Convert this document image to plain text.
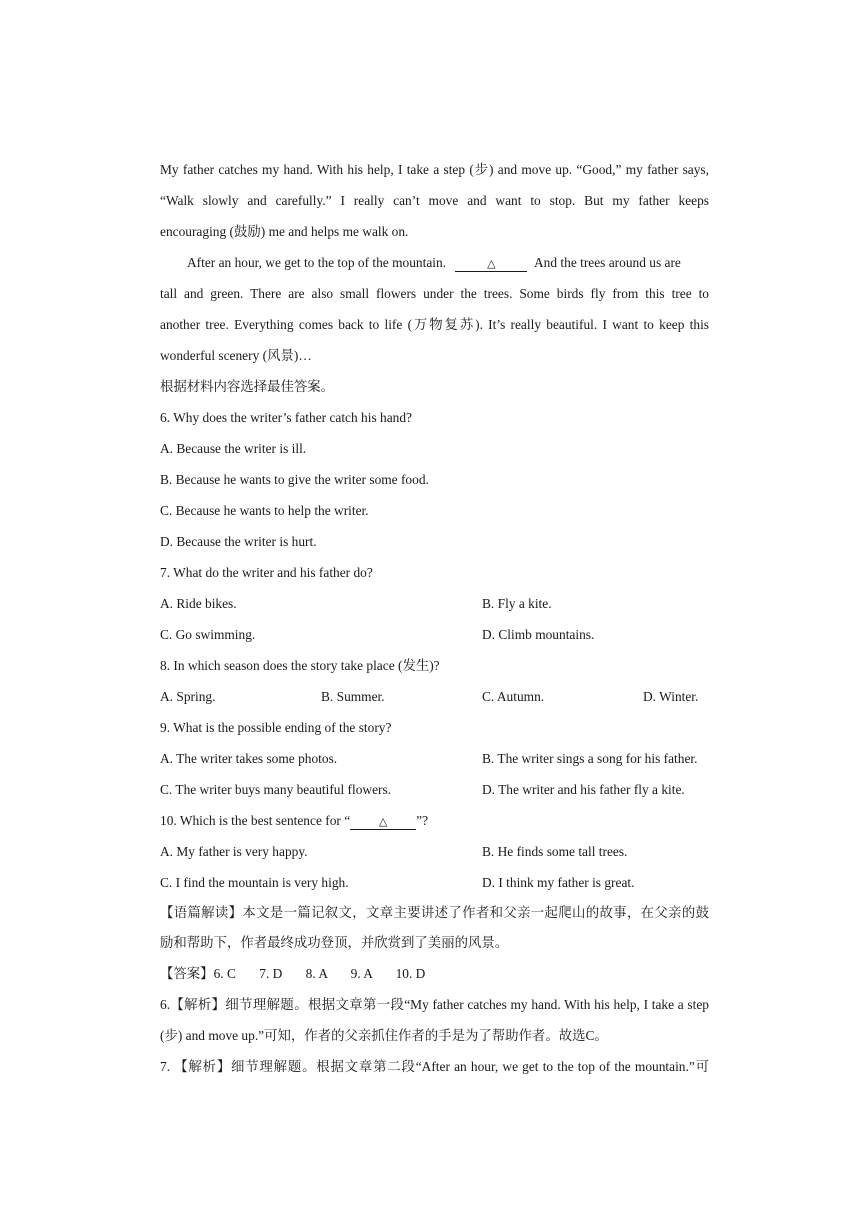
My father catches my hand. With his help, I take a step (步) and move up. “Good,” my father says,
“Walk slowly and carefully.” I really can’t move and want to stop. But my father keeps
encouraging (鼓励) me and helps me walk on.
After an hour, we get to the top of the mountain.	△	And the trees around us are
tall and green. There are also small flowers under the trees. Some birds fly from this tree to
another tree. Everything comes back to life (万物复苏). It’s really beautiful. I want to keep this
wonderful scenery (风景)…
根据材料内容选择最佳答案。
6. Why does the writer’s father catch his hand?
A. Because the writer is ill.
B. Because he wants to give the writer some food.
C. Because he wants to help the writer.
D. Because the writer is hurt.
7. What do the writer and his father do?
A. Ride bikes.	B. Fly a kite.
C. Go swimming.	D. Climb mountains.
8. In which season does the story take place (发生)?
A. Spring.	B. Summer.	C. Autumn.	D. Winter.
9. What is the possible ending of the story?
A. The writer takes some photos.	B. The writer sings a song for his father.
C. The writer buys many beautiful flowers.	D. The writer and his father fly a kite.
10. Which is the best sentence for “	△ ”?
A. My father is very happy.	B. He finds some tall trees.
C. I find the mountain is very high.	D. I think my father is great.
【语篇解读】本文是一篇记叙文，文章主要讲述了作者和父亲一起爬山的故事，在父亲的鼓
励和帮助下，作者最终成功登顶，并欣赏到了美丽的风景。
【答案】6. C 7. D 8. A 9. A 10. D
6.【解析】细节理解题。根据文章第一段“My father catches my hand. With his help, I take a step
(步) and move up.”可知，作者的父亲抓住作者的手是为了帮助作者。故选C。
7. 【解析】细节理解题。根据文章第二段“After an hour, we get to the top of the mountain.”可
